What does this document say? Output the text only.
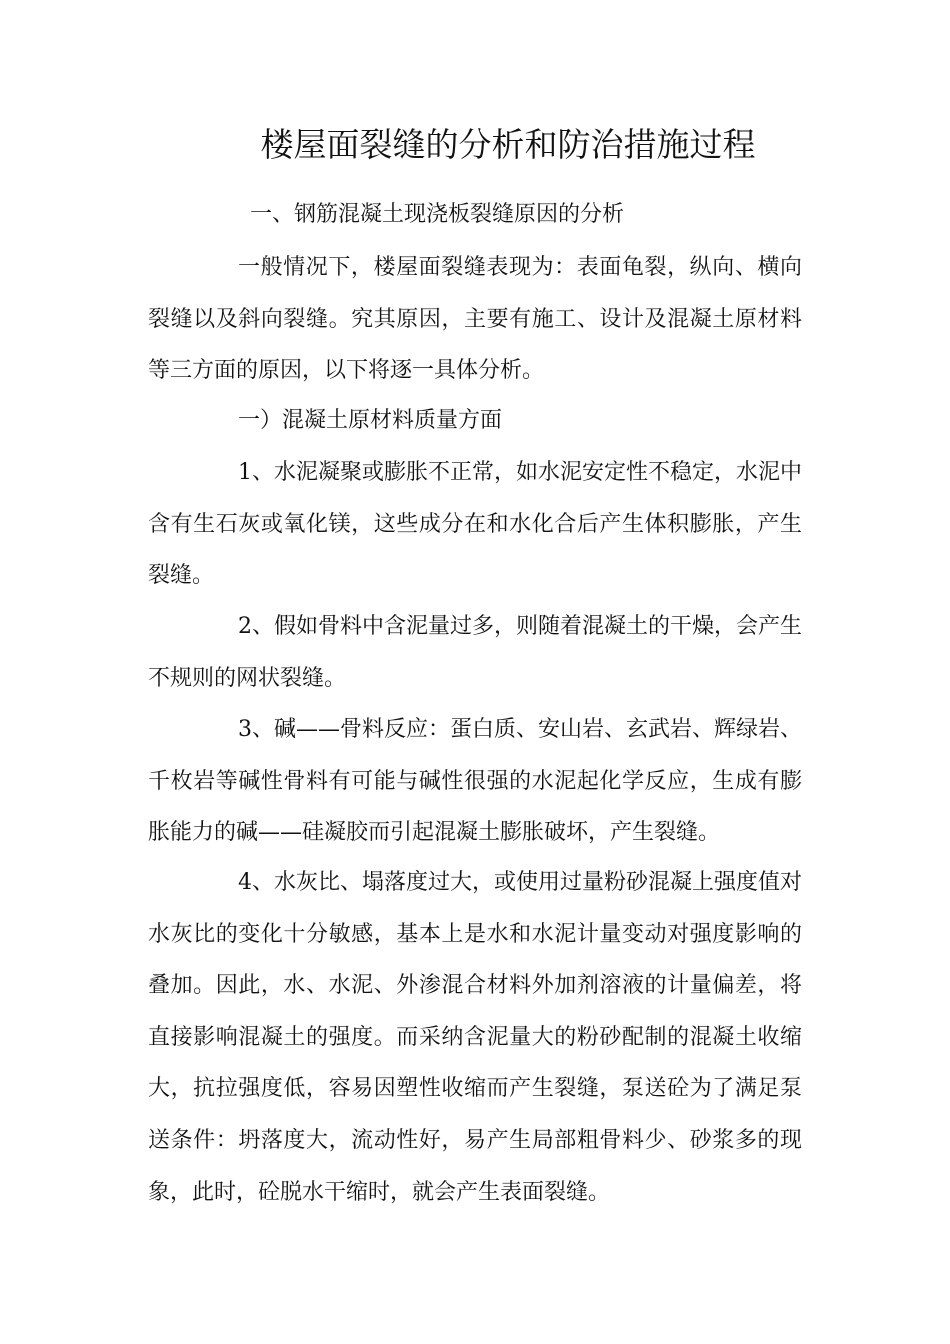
楼屋面裂缝的分析和防治措施过程

一、钢筋混凝土现浇板裂缝原因的分析

一般情况下，楼屋面裂缝表现为：表面龟裂，纵向、横向裂缝以及斜向裂缝。究其原因，主要有施工、设计及混凝土原材料等三方面的原因，以下将逐一具体分析。

一）混凝土原材料质量方面

1、水泥凝聚或膨胀不正常，如水泥安定性不稳定，水泥中含有生石灰或氧化镁，这些成分在和水化合后产生体积膨胀，产生裂缝。

2、假如骨料中含泥量过多，则随着混凝土的干燥，会产生不规则的网状裂缝。

3、碱——骨料反应：蛋白质、安山岩、玄武岩、辉绿岩、千枚岩等碱性骨料有可能与碱性很强的水泥起化学反应，生成有膨胀能力的碱——硅凝胶而引起混凝土膨胀破坏，产生裂缝。

4、水灰比、塌落度过大，或使用过量粉砂混凝上强度值对水灰比的变化十分敏感，基本上是水和水泥计量变动对强度影响的叠加。因此，水、水泥、外渗混合材料外加剂溶液的计量偏差，将直接影响混凝土的强度。而采纳含泥量大的粉砂配制的混凝土收缩大，抗拉强度低，容易因塑性收缩而产生裂缝，泵送砼为了满足泵送条件：坍落度大，流动性好，易产生局部粗骨料少、砂浆多的现象，此时，砼脱水干缩时，就会产生表面裂缝。
